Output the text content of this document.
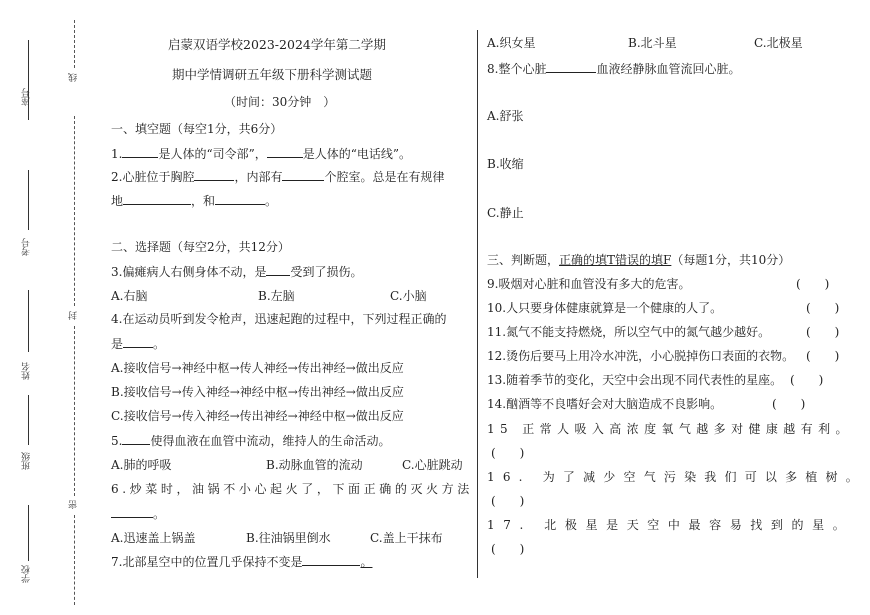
座号
考号
姓名
班级
学校
线
封
密
启蒙双语学校2023-2024学年第二学期
期中学情调研五年级下册科学测试题
（时间：30分钟　）
一、填空题（每空1分，共6分）
1.	是人体的“司令部”，	是人体的“电话线”。
2.心脏位于胸腔	，内部有	个腔室。总是在有规律
地	，和	。
二、选择题（每空2分，共12分）
3.偏瘫病人右侧身体不动，是 受到了损伤。
A.右脑	B.左脑	C.小脑
4.在运动员听到发令枪声，迅速起跑的过程中，下列过程正确的
是	。
A.接收信号→神经中枢→传人神经→传出神经→做出反应
B.接收信号→传入神经→神经中枢→传出神经→做出反应
C.接收信号→传入神经→传出神经→神经中枢→做出反应
5. 使得血液在血管中流动，维持人的生命活动。
A.肺的呼吸	B.动脉血管的流动	C.心脏跳动
6.炒菜时，油锅不小心起火了，下面正确的灭火方法
。
A.迅速盖上锅盖	B.往油锅里倒水	C.盖上干抹布
7.北部星空中的位置几乎保持不变是	。
A.织女星	B.北斗星	C.北极星
8.整个心脏	血液经静脉血管流回心脏。
A.舒张
B.收缩
C.静止
三、判断题，正确的填T错误的填F（每题1分，共10分）
9.吸烟对心脏和血管没有多大的危害。	(　　)
10.人只要身体健康就算是一个健康的人了。	(　　)
11.氮气不能支持燃烧，所以空气中的氮气越少越好。	(　　)
12.烫伤后要马上用冷水冲洗，小心脱掉伤口表面的衣物。 (　　)
13.随着季节的变化，天空中会出现不同代表性的星座。 (　　)
14.酗酒等不良嗜好会对大脑造成不良影响。	(　　)
15 正常人吸入高浓度氧气越多对健康越有利。
(　　)
16. 为了减少空气污染我们可以多植树。
(　　)
17. 北极星是天空中最容易找到的星。
(　　)
